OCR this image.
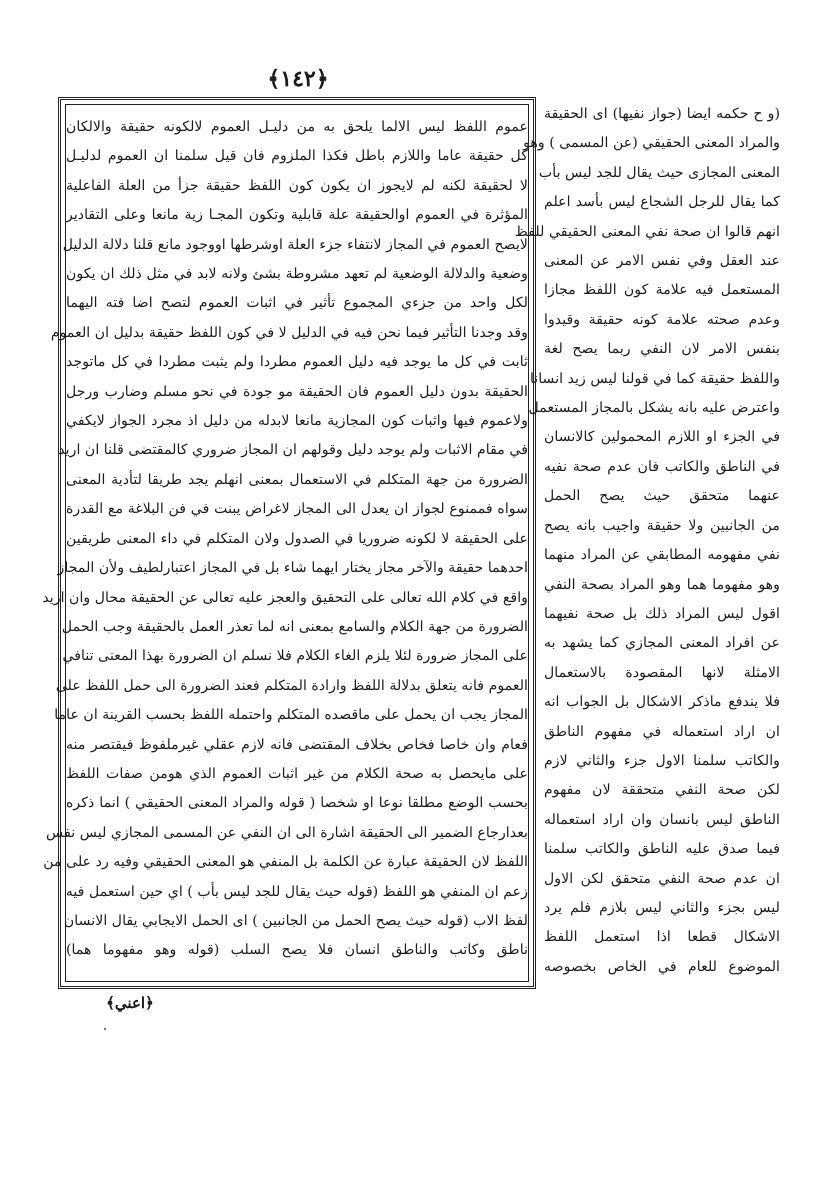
﴿١٤٢﴾
(و ح حكمه ايضا (جواز نفيها) اى الحقيقة
والمراد المعنى الحقيقي (عن المسمى ) وهو
المعنى المجازى حيث يقال للجد ليس بأب
كما يقال للرجل الشجاع ليس بأسد اعلم
انهم قالوا ان صحة نفي المعنى الحقيقي للفظ
عند العقل وفي نفس الامر عن المعنى
المستعمل فيه علامة كون اللفظ مجازا
وعدم صحته علامة كونه حقيقة وقيدوا
بنفس الامر لان النفي ربما يصح لغة
واللفظ حقيقة كما في قولنا ليس زيد انسانا
واعترض عليه بانه يشكل بالمجاز المستعمل
في الجزء او اللازم المحمولين كالانسان
في الناطق والكاتب فان عدم صحة نفيه
عنهما متحقق حيث يصح الحمل
من الجانبين ولا حقيقة واجيب بانه يصح
نفي مفهومه المطابقي عن المراد منهما
وهو مفهوما هما وهو المراد بصحة النفي
اقول ليس المراد ذلك بل صحة نفيهما
عن افراد المعنى المجازي كما يشهد به
الامثلة لانها المقصودة بالاستعمال
فلا يندفع ماذكر الاشكال بل الجواب انه
ان اراد استعماله في مفهوم الناطق
والكاتب سلمنا الاول جزء والثاني لازم
لكن صحة النفي متحققة لان مفهوم
الناطق ليس بانسان وان اراد استعماله
فيما صدق عليه الناطق والكاتب سلمنا
ان عدم صحة النفي متحقق لكن الاول
ليس بجزء والثاني ليس بلازم فلم يرد
الاشكال قطعا اذا استعمل اللفظ
الموضوع للعام في الخاص بخصوصه
عموم اللفظ ليس الالما يلحق به من دليـل العموم لالكونه حقيقة والالكان
كل حقيقة عاما واللازم باطل فكذا الملزوم فان قيل سلمنا ان العموم لدليـل
لا لحقيقة لكنه لم لايجوز ان يكون كون اللفظ حقيقة جزأ من العلة الفاعلية
المؤثرة في العموم اوالحقيقة علة قابلية وتكون المجـا زية مانعا وعلى التقادير
لايصح العموم في المجاز لانتفاء جزء العلة اوشرطها اووجود مانع قلنا دلالة الدليل
وضعية والدلالة الوضعية لم تعهد مشروطة بشئ ولانه لابد في مثل ذلك ان يكون
لكل واحد من جزءي المجموع تأثير في اثبات العموم لتصح اضا فته اليهما
وقد وجدنا التأثير فيما نحن فيه في الدليل لا في كون اللفظ حقيقة بدليل ان العموم
ثابت في كل ما يوجد فيه دليل العموم مطردا ولم يثبت مطردا في كل ماتوجد
الحقيقة بدون دليل العموم فان الحقيقة مو جودة في نحو مسلم وضارب ورجل
ولاعموم فيها واثبات كون المجازية مانعا لابدله من دليل اذ مجرد الجواز لايكفي
في مقام الاثبات ولم يوجد دليل وقولهم ان المجاز ضروري كالمقتضى قلنا ان اريد
الضرورة من جهة المتكلم في الاستعمال بمعنى انهلم يجد طريقا لتأدية المعنى
سواه فممنوع لجواز ان يعدل الى المجاز لاغراض يبنت في فن البلاغة مع القدرة
على الحقيقة لا لكونه ضروريا في الصدول ولان المتكلم في داء المعنى طريقين
احدهما حقيقة والآخر مجاز يختار ايهما شاء بل في المجاز اعتبارلطيف ولأن المجاز
واقع في كلام الله تعالى على التحقيق والعجز عليه تعالى عن الحقيقة محال وان اريد
الضرورة من جهة الكلام والسامع بمعنى انه لما تعذر العمل بالحقيقة وجب الحمل
على المجاز ضرورة لئلا يلزم الغاء الكلام فلا نسلم ان الضرورة بهذا المعنى تنافي
العموم فانه يتعلق بدلالة اللفظ وارادة المتكلم فعند الضرورة الى حمل اللفظ على
المجاز يجب ان يحمل على ماقصده المتكلم واحتمله اللفظ بحسب القرينة ان عاما
فعام وان خاصا فخاص بخلاف المقتضى فانه لازم عقلي غيرملفوظ فيقتصر منه
على مايحصل به صحة الكلام من غير اثبات العموم الذي هومن صفات اللفظ
بحسب الوضع مطلقا نوعا او شخصا ( قوله والمراد المعنى الحقيقي ) انما ذكره
بعدارجاع الضمير الى الحقيقة اشارة الى ان النفي عن المسمى المجازي ليس نفس
اللفظ لان الحقيقة عبارة عن الكلمة بل المنفي هو المعنى الحقيقي وفيه رد على من
زعم ان المنفي هو اللفظ (قوله حيث يقال للجد ليس بأب ) اي حين استعمل فيه
لفظ الاب (قوله حيث يصح الحمل من الجانبين ) اى الحمل الايجابي يقال الانسان
ناطق وكاتب والناطق انسان فلا يصح السلب (قوله وهو مفهوما هما)
﴿اعني﴾
